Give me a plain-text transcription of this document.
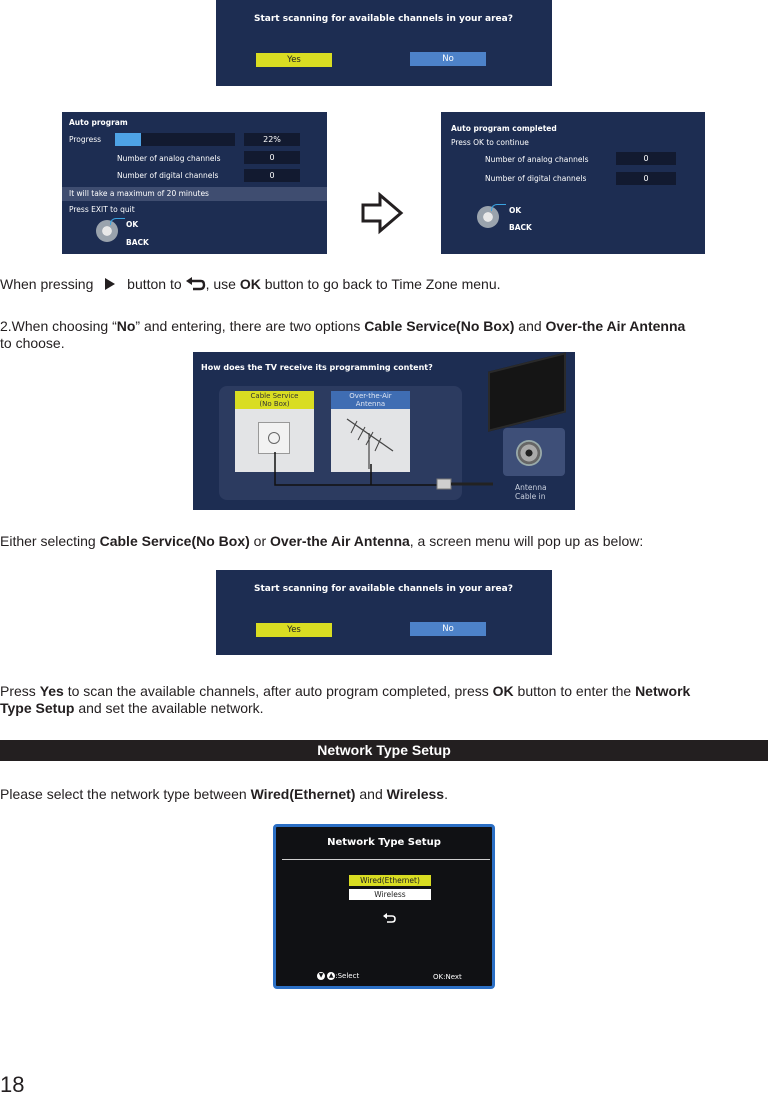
Start scanning for available channels in your area?
Yes	No
Auto program
Progress	22%
Number of analog channels	0
Number of digital channels	0
It will take a maximum of 20 minutes
Press EXIT to quit
OK
BACK
Auto program completed
Press OK to continue
Number of analog channels	0
Number of digital channels	0
OK
BACK
When pressing button to , use OK button to go back to Time Zone menu.
2.When choosing “No” and entering, there are two options Cable Service(No Box) and Over-the Air Antenna
to choose.
How does the TV receive its programming content?
Cable Service
(No Box)
Over-the-Air
Antenna
Antenna
Cable in
Either selecting Cable Service(No Box) or Over-the Air Antenna, a screen menu will pop up as below:
Start scanning for available channels in your area?
Yes	No
Press Yes to scan the available channels, after auto program completed, press OK button to enter the Network
Type Setup and set the available network.
Network Type Setup
Please select the network type between Wired(Ethernet) and Wireless.
Network Type Setup
Wired(Ethernet)
Wireless
▼ ▲ :Select	OK:Next
18
